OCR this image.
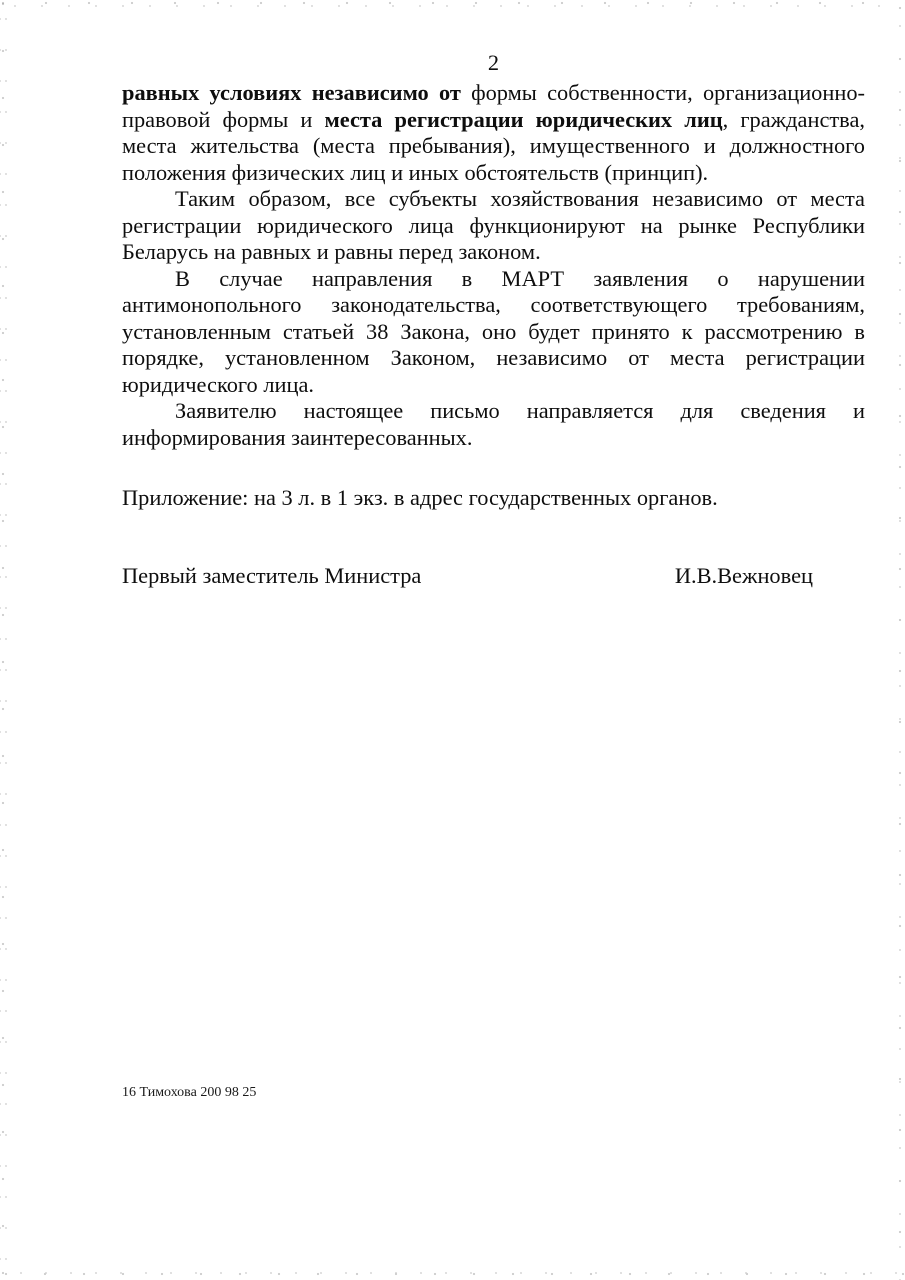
2
равных условиях независимо от формы собственности, организационно-
правовой формы и места регистрации юридических лиц, гражданства,
места жительства (места пребывания), имущественного и должностного
положения физических лиц и иных обстоятельств (принцип).
Таким образом, все субъекты хозяйствования независимо от места
регистрации юридического лица функционируют на рынке Республики
Беларусь на равных и равны перед законом.
В случае направления в МАРТ заявления о нарушении
антимонопольного законодательства, соответствующего требованиям,
установленным статьей 38 Закона, оно будет принято к рассмотрению в
порядке, установленном Законом, независимо от места регистрации
юридического лица.
Заявителю настоящее письмо направляется для сведения и
информирования заинтересованных.
Приложение: на 3 л. в 1 экз. в адрес государственных органов.
Первый заместитель Министра	И.В.Вежновец
16 Тимохова 200 98 25
